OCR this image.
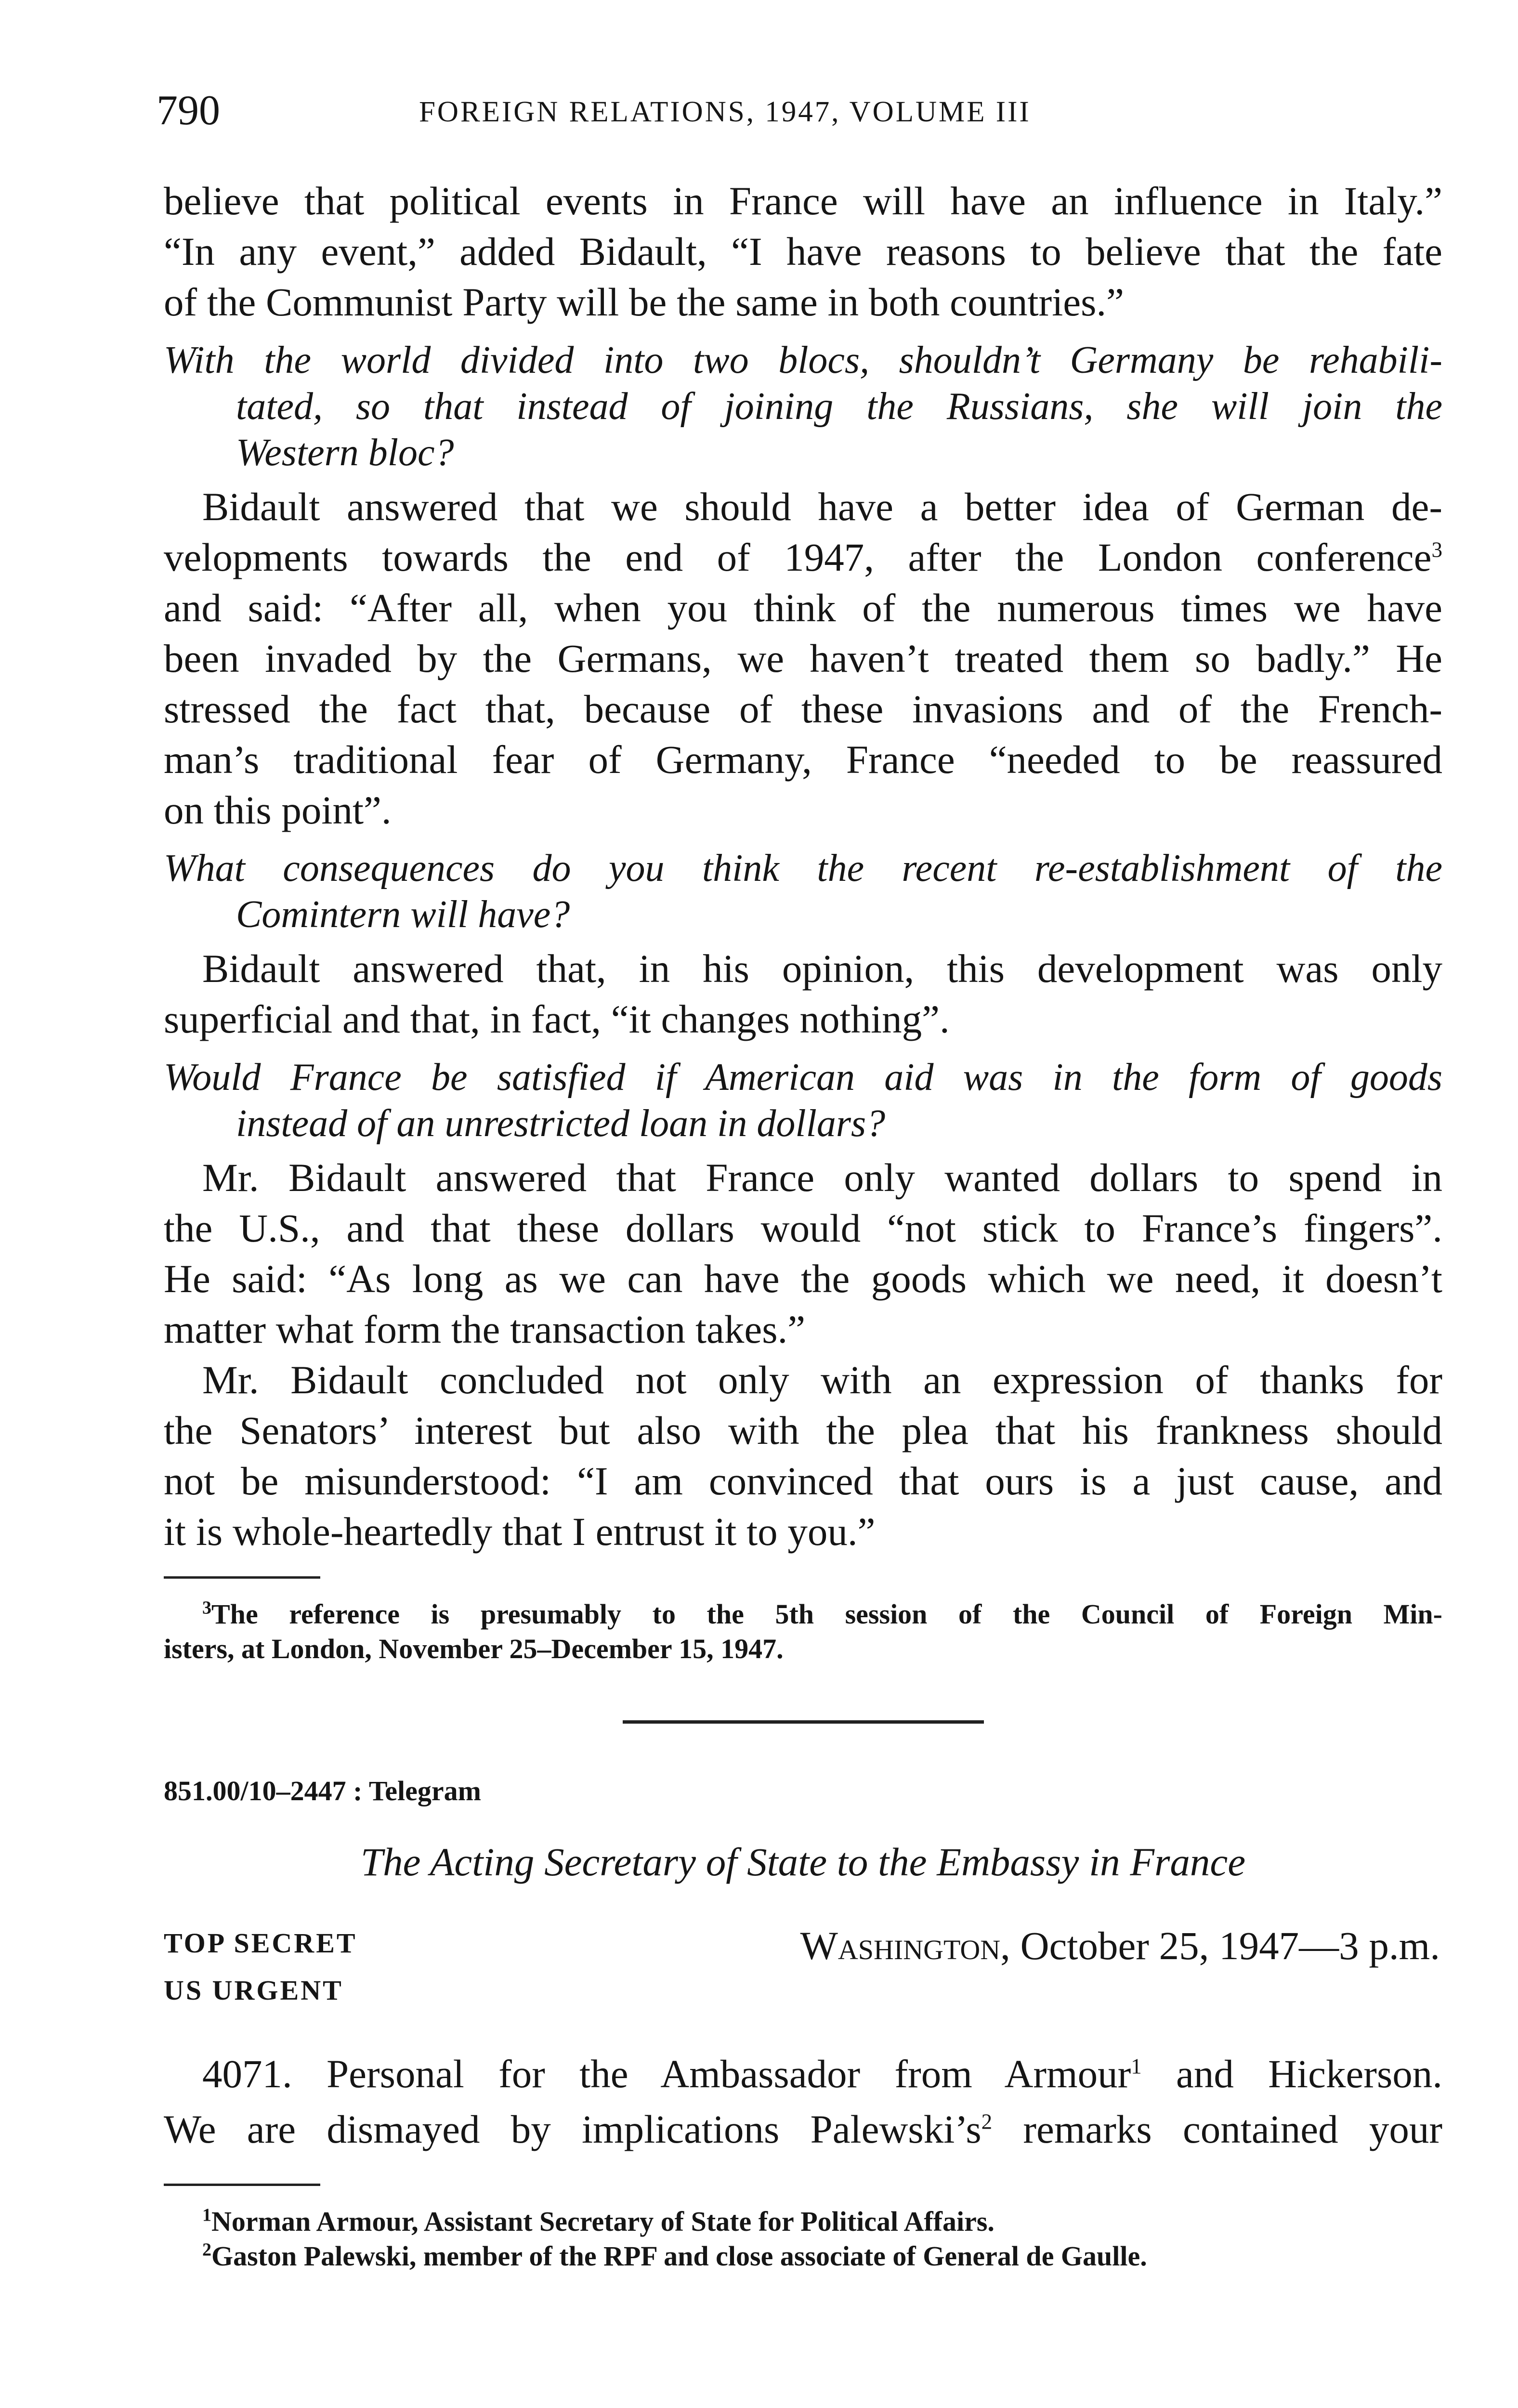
790	FOREIGN RELATIONS, 1947, VOLUME III
believe that political events in France will have an influence in Italy.”
“In any event,” added Bidault, “I have reasons to believe that the fate
of the Communist Party will be the same in both countries.”
With the world divided into two blocs, shouldn’t Germany be rehabili-
tated, so that instead of joining the Russians, she will join the
Western bloc?
Bidault answered that we should have a better idea of German de-
velopments towards the end of 1947, after the London conference$^3$
and said: “After all, when you think of the numerous times we have
been invaded by the Germans, we haven’t treated them so badly.” He
stressed the fact that, because of these invasions and of the French-
man’s traditional fear of Germany, France “needed to be reassured
on this point”.
What consequences do you think the recent re-establishment of the
Comintern will have?
Bidault answered that, in his opinion, this development was only
superficial and that, in fact, “it changes nothing”.
Would France be satisfied if American aid was in the form of goods
instead of an unrestricted loan in dollars?
Mr. Bidault answered that France only wanted dollars to spend in
the U.S., and that these dollars would “not stick to France’s fingers”.
He said: “As long as we can have the goods which we need, it doesn’t
matter what form the transaction takes.”
Mr. Bidault concluded not only with an expression of thanks for
the Senators’ interest but also with the plea that his frankness should
not be misunderstood: “I am convinced that ours is a just cause, and
it is whole-heartedly that I entrust it to you.”
$^3$The reference is presumably to the 5th session of the Council of Foreign Min-
isters, at London, November 25–December 15, 1947.
851.00/10–2447 : Telegram
The Acting Secretary of State to the Embassy in France
TOP SECRET
US URGENT
Washington, October 25, 1947—3 p.m.
4071. Personal for the Ambassador from Armour$^1$ and Hickerson.
We are dismayed by implications $Palewski’s^2$ remarks contained your
$^1$Norman Armour, Assistant Secretary of State for Political Affairs.
$^2$Gaston Palewski, member of the RPF and close associate of General de Gaulle.
